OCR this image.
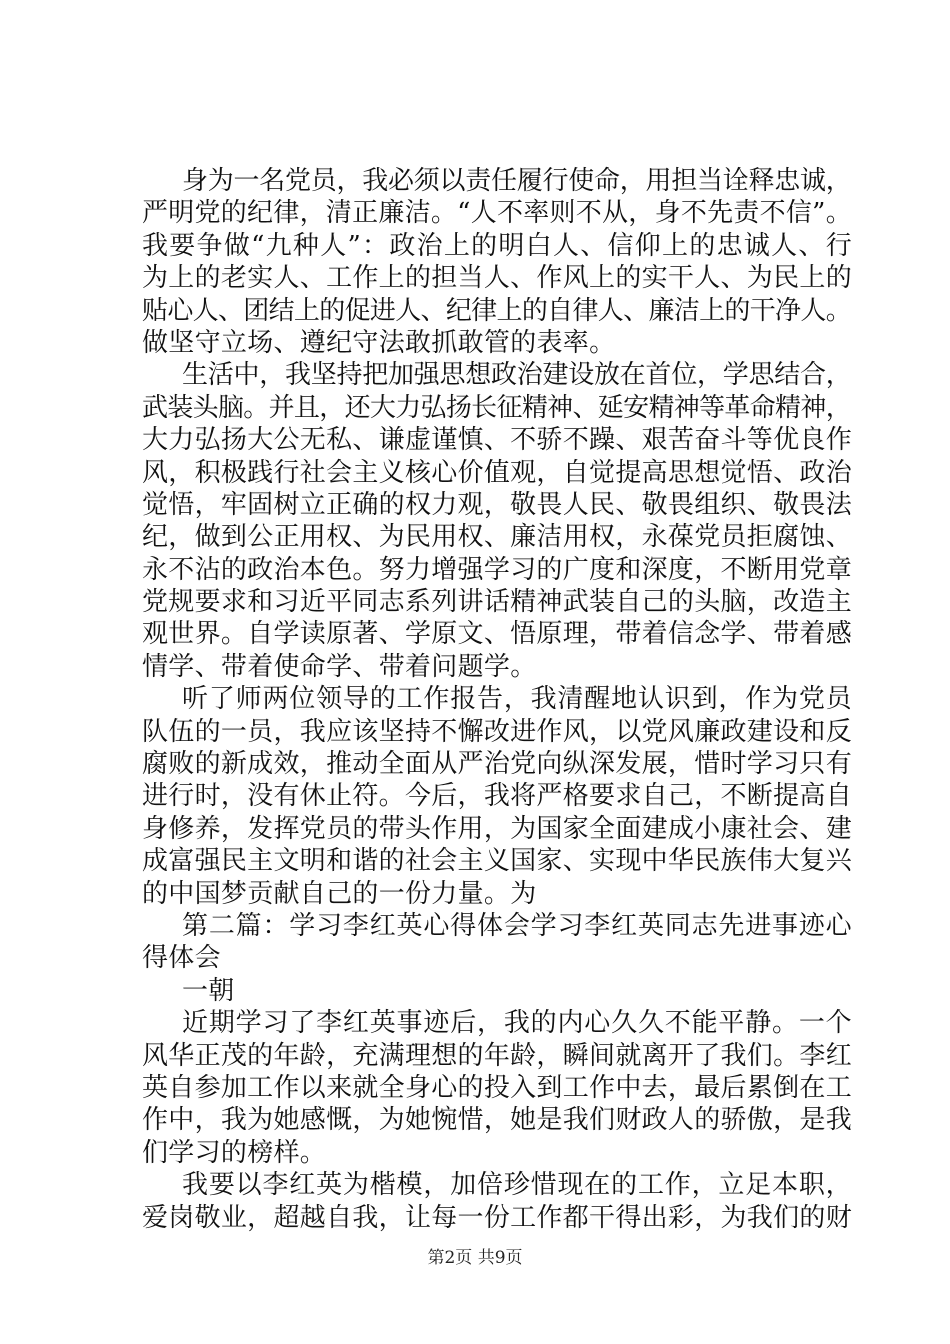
身为一名党员，我必须以责任履行使命，用担当诠释忠诚，
严明党的纪律，清正廉洁。“人不率则不从，身不先责不信”。
我要争做“九种人”：政治上的明白人、信仰上的忠诚人、行
为上的老实人、工作上的担当人、作风上的实干人、为民上的
贴心人、团结上的促进人、纪律上的自律人、廉洁上的干净人。
做坚守立场、遵纪守法敢抓敢管的表率。
生活中，我坚持把加强思想政治建设放在首位，学思结合，
武装头脑。并且，还大力弘扬长征精神、延安精神等革命精神，
大力弘扬大公无私、谦虚谨慎、不骄不躁、艰苦奋斗等优良作
风，积极践行社会主义核心价值观，自觉提高思想觉悟、政治
觉悟，牢固树立正确的权力观，敬畏人民、敬畏组织、敬畏法
纪，做到公正用权、为民用权、廉洁用权，永葆党员拒腐蚀、
永不沾的政治本色。努力增强学习的广度和深度，不断用党章
党规要求和习近平同志系列讲话精神武装自己的头脑，改造主
观世界。自学读原著、学原文、悟原理，带着信念学、带着感
情学、带着使命学、带着问题学。
听了师两位领导的工作报告，我清醒地认识到，作为党员
队伍的一员，我应该坚持不懈改进作风，以党风廉政建设和反
腐败的新成效，推动全面从严治党向纵深发展，惜时学习只有
进行时，没有休止符。今后，我将严格要求自己，不断提高自
身修养，发挥党员的带头作用，为国家全面建成小康社会、建
成富强民主文明和谐的社会主义国家、实现中华民族伟大复兴
的中国梦贡献自己的一份力量。为
第二篇：学习李红英心得体会学习李红英同志先进事迹心
得体会
一朝
近期学习了李红英事迹后，我的内心久久不能平静。一个
风华正茂的年龄，充满理想的年龄，瞬间就离开了我们。李红
英自参加工作以来就全身心的投入到工作中去，最后累倒在工
作中，我为她感慨，为她惋惜，她是我们财政人的骄傲，是我
们学习的榜样。
我要以李红英为楷模，加倍珍惜现在的工作，立足本职，
爱岗敬业，超越自我，让每一份工作都干得出彩，为我们的财
第2页 共9页
